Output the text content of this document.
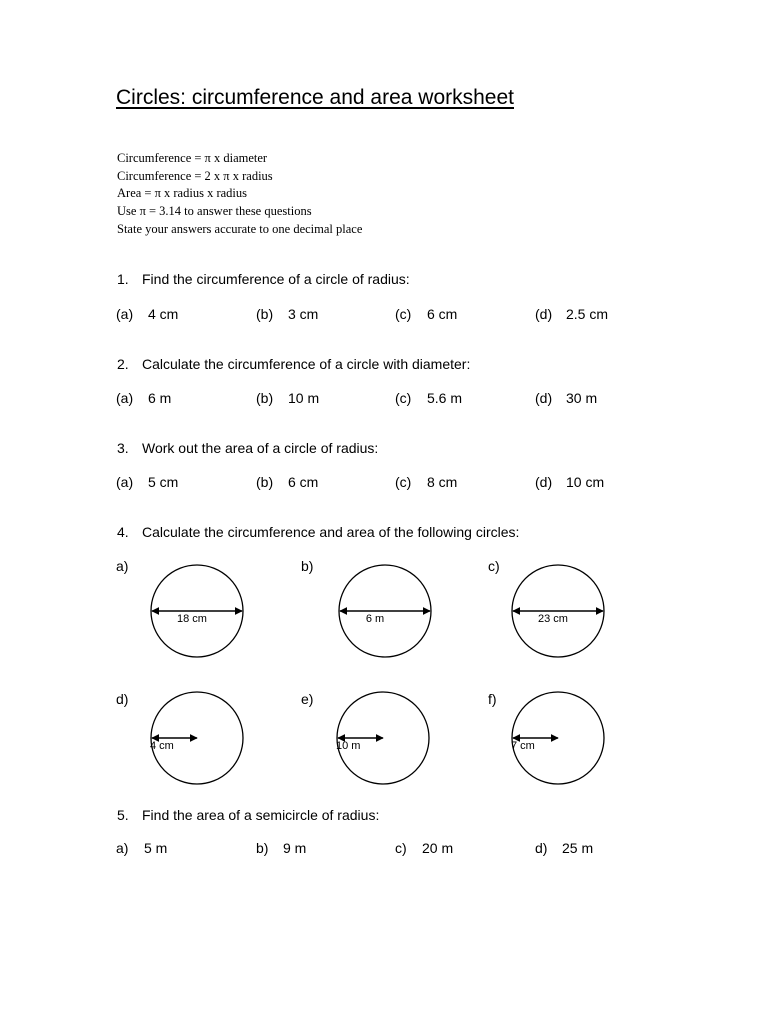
Circles: circumference and area worksheet
Circumference = π x diameter
Circumference = 2 x π x radius
Area = π x radius x radius
Use π = 3.14 to answer these questions
State your answers accurate to one decimal place
1. Find the circumference of a circle of radius:
(a) 4 cm	(b) 3 cm	(c) 6 cm	(d) 2.5 cm
2. Calculate the circumference of a circle with diameter:
(a) 6 m	(b) 10 m	(c) 5.6 m	(d) 30 m
3. Work out the area of a circle of radius:
(a) 5 cm	(b) 6 cm	(c) 8 cm	(d) 10 cm
4. Calculate the circumference and area of the following circles:
a)	b)	c)
d)	e)	f)
18 cm	6 m	23 cm
4 cm	10 m	7 cm
5. Find the area of a semicircle of radius:
a) 5 m	b) 9 m	c) 20 m	d) 25 m
